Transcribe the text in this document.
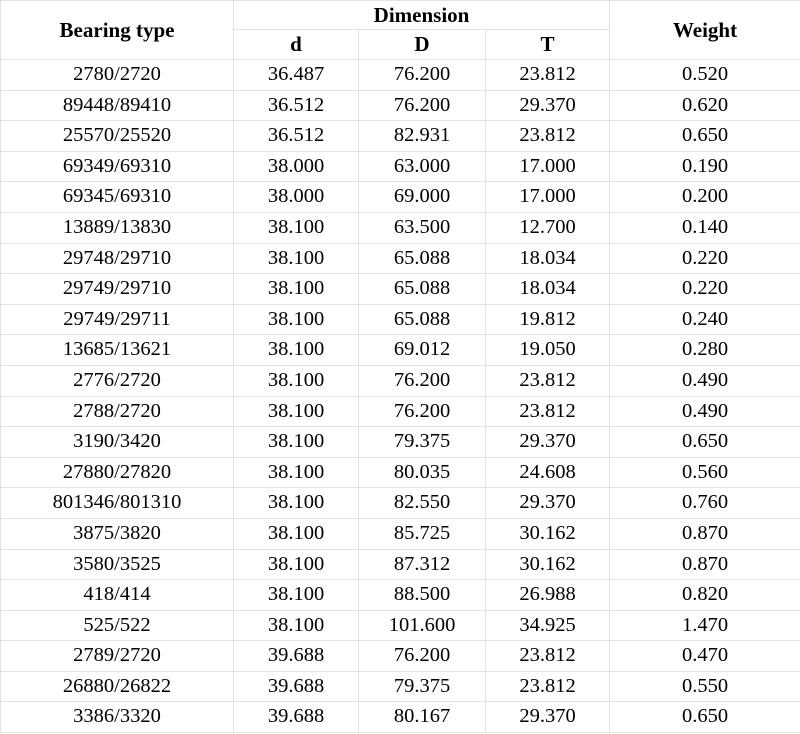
Bearing type	Dimension			Weight
	d	D	T	
2780/2720	36.487	76.200	23.812	0.520
89448/89410	36.512	76.200	29.370	0.620
25570/25520	36.512	82.931	23.812	0.650
69349/69310	38.000	63.000	17.000	0.190
69345/69310	38.000	69.000	17.000	0.200
13889/13830	38.100	63.500	12.700	0.140
29748/29710	38.100	65.088	18.034	0.220
29749/29710	38.100	65.088	18.034	0.220
29749/29711	38.100	65.088	19.812	0.240
13685/13621	38.100	69.012	19.050	0.280
2776/2720	38.100	76.200	23.812	0.490
2788/2720	38.100	76.200	23.812	0.490
3190/3420	38.100	79.375	29.370	0.650
27880/27820	38.100	80.035	24.608	0.560
801346/801310	38.100	82.550	29.370	0.760
3875/3820	38.100	85.725	30.162	0.870
3580/3525	38.100	87.312	30.162	0.870
418/414	38.100	88.500	26.988	0.820
525/522	38.100	101.600	34.925	1.470
2789/2720	39.688	76.200	23.812	0.470
26880/26822	39.688	79.375	23.812	0.550
3386/3320	39.688	80.167	29.370	0.650
